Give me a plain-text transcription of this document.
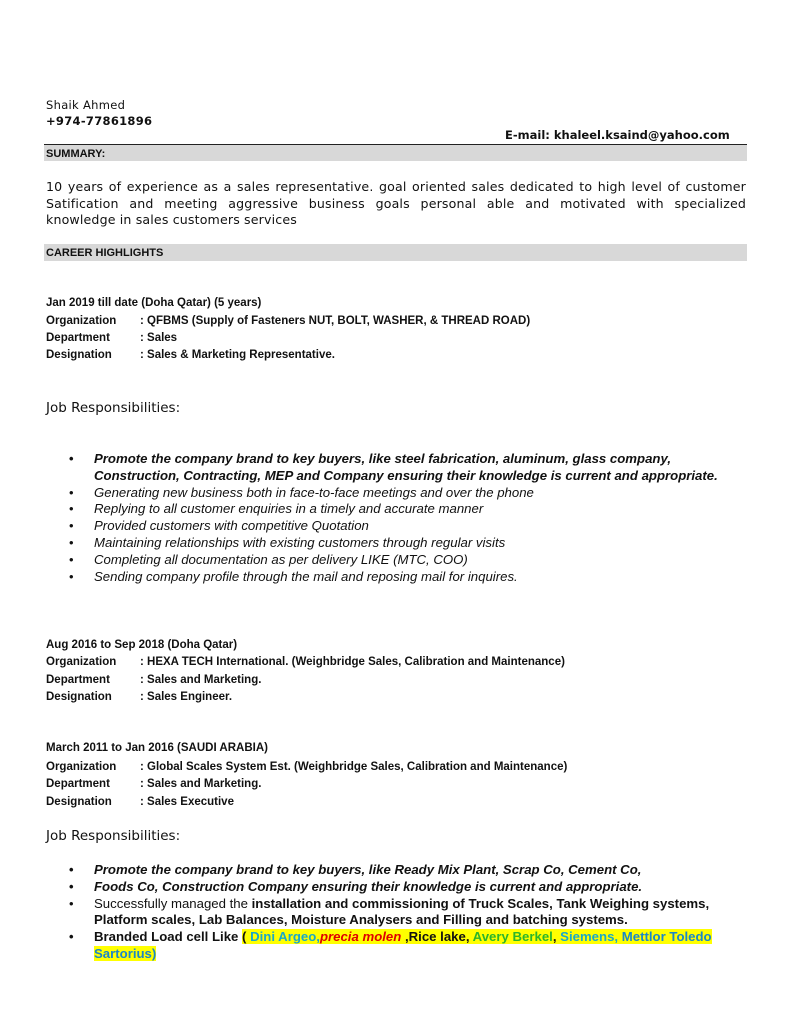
Shaik Ahmed
+974-77861896
E-mail: khaleel.ksaind@yahoo.com
SUMMARY:
10 years of experience as a sales representative. goal oriented sales dedicated to high level of customer Satification and meeting aggressive business goals personal able and motivated with specialized knowledge in sales customers services
CAREER HIGHLIGHTS
Jan 2019 till date (Doha Qatar) (5 years)
Organization : QFBMS (Supply of Fasteners NUT, BOLT, WASHER, & THREAD ROAD)
Department	: Sales
Designation : Sales & Marketing Representative.
Job Responsibilities:
• Promote the company brand to key buyers, like steel fabrication, aluminum, glass company, Construction, Contracting, MEP and Company ensuring their knowledge is current and appropriate.
• Generating new business both in face-to-face meetings and over the phone
• Replying to all customer enquiries in a timely and accurate manner
• Provided customers with competitive Quotation
• Maintaining relationships with existing customers through regular visits
• Completing all documentation as per delivery LIKE (MTC, COO)
• Sending company profile through the mail and reposing mail for inquires.
Aug 2016 to Sep 2018 (Doha Qatar)
Organization : HEXA TECH International. (Weighbridge Sales, Calibration and Maintenance)
Department	: Sales and Marketing.
Designation : Sales Engineer.
March 2011 to Jan 2016 (SAUDI ARABIA)
Organization : Global Scales System Est. (Weighbridge Sales, Calibration and Maintenance)
Department	: Sales and Marketing.
Designation : Sales Executive
Job Responsibilities:
• Promote the company brand to key buyers, like Ready Mix Plant, Scrap Co, Cement Co,
• Foods Co, Construction Company ensuring their knowledge is current and appropriate.
• Successfully managed the installation and commissioning of Truck Scales, Tank Weighing systems, Platform scales, Lab Balances, Moisture Analysers and Filling and batching systems.
• Branded Load cell Like ( Dini Argeo,precia molen ,Rice lake, Avery Berkel, Siemens, Mettlor Toledo Sartorius)
